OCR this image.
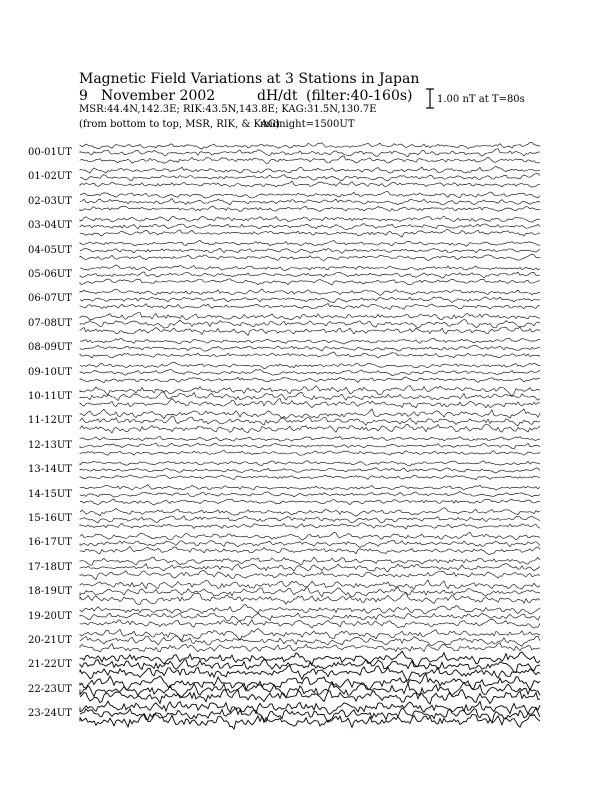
Magnetic Field Variations at 3 Stations in Japan
9 November 2002	dH/dt (filter:40-160s)
MSR:44.4N,142.3E; RIK:43.5N,143.8E; KAG:31.5N,130.7E
(from bottom to top, MSR, RIK, & KAG)
midnight=1500UT
1.00 nT at T=80s
00-01UT
01-02UT
02-03UT
03-04UT
04-05UT
05-06UT
06-07UT
07-08UT
08-09UT
09-10UT
10-11UT
11-12UT
12-13UT
13-14UT
14-15UT
15-16UT
16-17UT
17-18UT
18-19UT
19-20UT
20-21UT
21-22UT
22-23UT
23-24UT
